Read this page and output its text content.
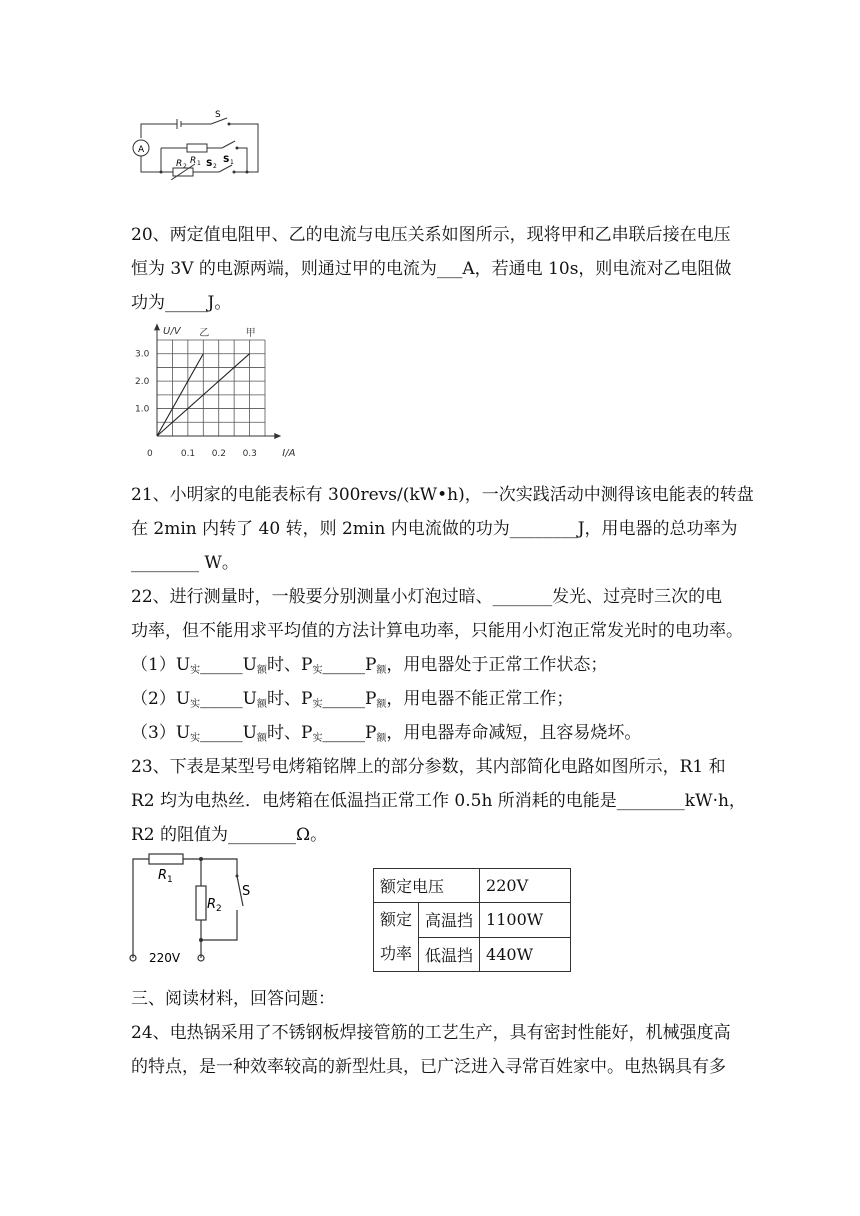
S
A
R 1 S 1
R 2 S 2
20、两定值电阻甲、乙的电流与电压关系如图所示，现将甲和乙串联后接在电压
恒为 3V 的电源两端，则通过甲的电流为___A，若通电 10s，则电流对乙电阻做
功为_____J。
乙	甲
0	0.1 0.2 0.3
1.0
2.0
3.0
I/A
U/V
21、小明家的电能表标有 300revs/(kW•h)，一次实践活动中测得该电能表的转盘
在 2min 内转了 40 转，则 2min 内电流做的功为________J，用电器的总功率为
________ W。
22、进行测量时，一般要分别测量小灯泡过暗、_______发光、过亮时三次的电
功率，但不能用求平均值的方法计算电功率，只能用小灯泡正常发光时的电功率。
$(1)U_实\_\_\_\_\_U_额$时、$P_实\_\_\_\_\_P_额$，用电器处于正常工作状态；
$(2)U_实\_\_\_\_\_U_额$时、$P_实\_\_\_\_\_P_额$，用电器不能正常工作；
$(3)U_实\_\_\_\_\_U_额$时、$P_实\_\_\_\_\_P_额$，用电器寿命减短，且容易烧坏。
23、下表是某型号电烤箱铭牌上的部分参数，其内部简化电路如图所示，R1 和
R2 均为电热丝．电烤箱在低温挡正常工作 0.5h 所消耗的电能是________kW·h，
R2 的阻值为________Ω。
R 1
R 2
S
220V
额定电压		220V

额定
功率	高温挡	1100W
	低温挡	440W
三、阅读材料，回答问题：
24、电热锅采用了不锈钢板焊接管筋的工艺生产，具有密封性能好，机械强度高
的特点，是一种效率较高的新型灶具，已广泛进入寻常百姓家中。电热锅具有多
